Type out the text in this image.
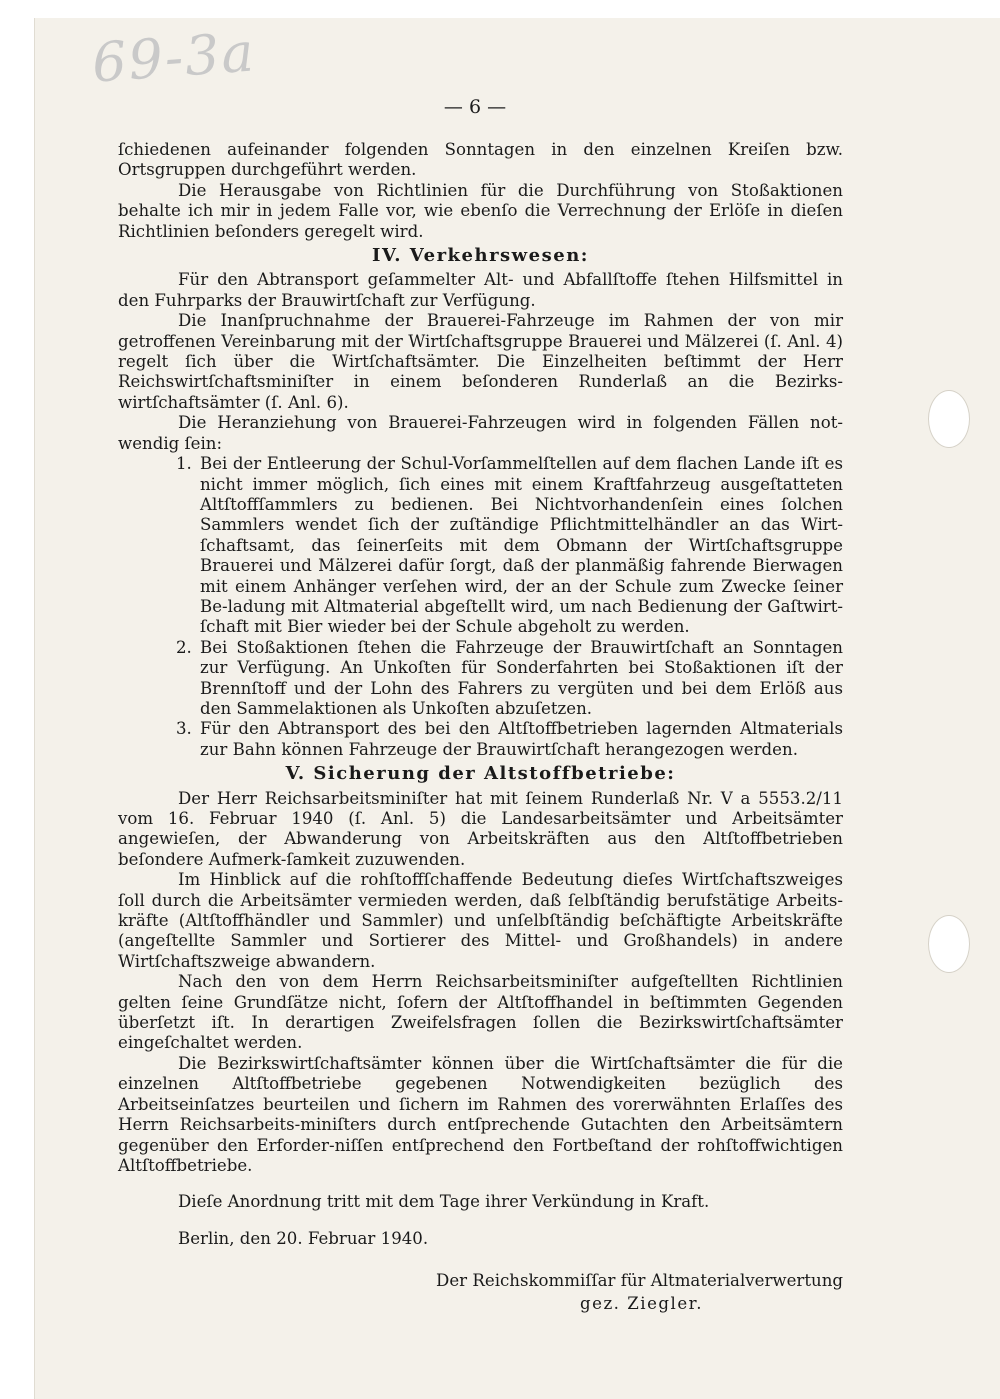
69-3a
— 6 —

ſchiedenen aufeinander folgenden Sonntagen in den einzelnen Kreiſen bzw. Ortsgruppen durchgeführt werden.

Die Herausgabe von Richtlinien für die Durchführung von Stoßaktionen behalte ich mir in jedem Falle vor, wie ebenſo die Verrechnung der Erlöſe in dieſen Richtlinien beſonders geregelt wird.

IV. Verkehrswesen:

Für den Abtransport geſammelter Alt- und Abfallſtoffe ſtehen Hilfsmittel in den Fuhrparks der Brauwirtſchaft zur Verfügung.

Die Inanſpruchnahme der Brauerei-Fahrzeuge im Rahmen der von mir getroffenen Vereinbarung mit der Wirtſchaftsgruppe Brauerei und Mälzerei (ſ. Anl. 4) regelt ſich über die Wirtſchaftsämter. Die Einzelheiten beſtimmt der Herr Reichswirtſchaftsminiſter in einem beſonderen Runderlaß an die Bezirks-wirtſchaftsämter (ſ. Anl. 6).

Die Heranziehung von Brauerei-Fahrzeugen wird in folgenden Fällen not-wendig ſein:

1. Bei der Entleerung der Schul-Vorſammelſtellen auf dem flachen Lande iſt es nicht immer möglich, ſich eines mit einem Kraftfahrzeug ausgeſtatteten Altſtoffſammlers zu bedienen. Bei Nichtvorhandenſein eines ſolchen Sammlers wendet ſich der zuſtändige Pflichtmittelhändler an das Wirt-ſchaftsamt, das ſeinerſeits mit dem Obmann der Wirtſchaftsgruppe Brauerei und Mälzerei dafür ſorgt, daß der planmäßig fahrende Bierwagen mit einem Anhänger verſehen wird, der an der Schule zum Zwecke ſeiner Be-ladung mit Altmaterial abgeſtellt wird, um nach Bedienung der Gaſtwirt-ſchaft mit Bier wieder bei der Schule abgeholt zu werden.
2. Bei Stoßaktionen ſtehen die Fahrzeuge der Brauwirtſchaft an Sonntagen zur Verfügung. An Unkoſten für Sonderfahrten bei Stoßaktionen iſt der Brennſtoff und der Lohn des Fahrers zu vergüten und bei dem Erlöß aus den Sammelaktionen als Unkoſten abzuſetzen.
3. Für den Abtransport des bei den Altſtoffbetrieben lagernden Altmaterials zur Bahn können Fahrzeuge der Brauwirtſchaft herangezogen werden.

V. Sicherung der Altstoffbetriebe:

Der Herr Reichsarbeitsminiſter hat mit ſeinem Runderlaß Nr. V a 5553.2/11 vom 16. Februar 1940 (ſ. Anl. 5) die Landesarbeitsämter und Arbeitsämter angewieſen, der Abwanderung von Arbeitskräften aus den Altſtoffbetrieben beſondere Aufmerk-ſamkeit zuzuwenden.

Im Hinblick auf die rohſtoffſchaffende Bedeutung dieſes Wirtſchaftszweiges ſoll durch die Arbeitsämter vermieden werden, daß ſelbſtändig berufstätige Arbeits-kräfte (Altſtoffhändler und Sammler) und unſelbſtändig beſchäftigte Arbeitskräfte (angeſtellte Sammler und Sortierer des Mittel- und Großhandels) in andere Wirtſchaftszweige abwandern.

Nach den von dem Herrn Reichsarbeitsminiſter aufgeſtellten Richtlinien gelten ſeine Grundſätze nicht, ſofern der Altſtoffhandel in beſtimmten Gegenden überſetzt iſt. In derartigen Zweifelsfragen ſollen die Bezirkswirtſchaftsämter eingeſchaltet werden.

Die Bezirkswirtſchaftsämter können über die Wirtſchaftsämter die für die einzelnen Altſtoffbetriebe gegebenen Notwendigkeiten bezüglich des Arbeitseinſatzes beurteilen und ſichern im Rahmen des vorerwähnten Erlaſſes des Herrn Reichsarbeits-miniſters durch entſprechende Gutachten den Arbeitsämtern gegenüber den Erforder-niſſen entſprechend den Fortbeſtand der rohſtoffwichtigen Altſtoffbetriebe.

Dieſe Anordnung tritt mit dem Tage ihrer Verkündung in Kraft.

Berlin, den 20. Februar 1940.

Der Reichskommiſſar für Altmaterialverwertung

gez. Ziegler.
